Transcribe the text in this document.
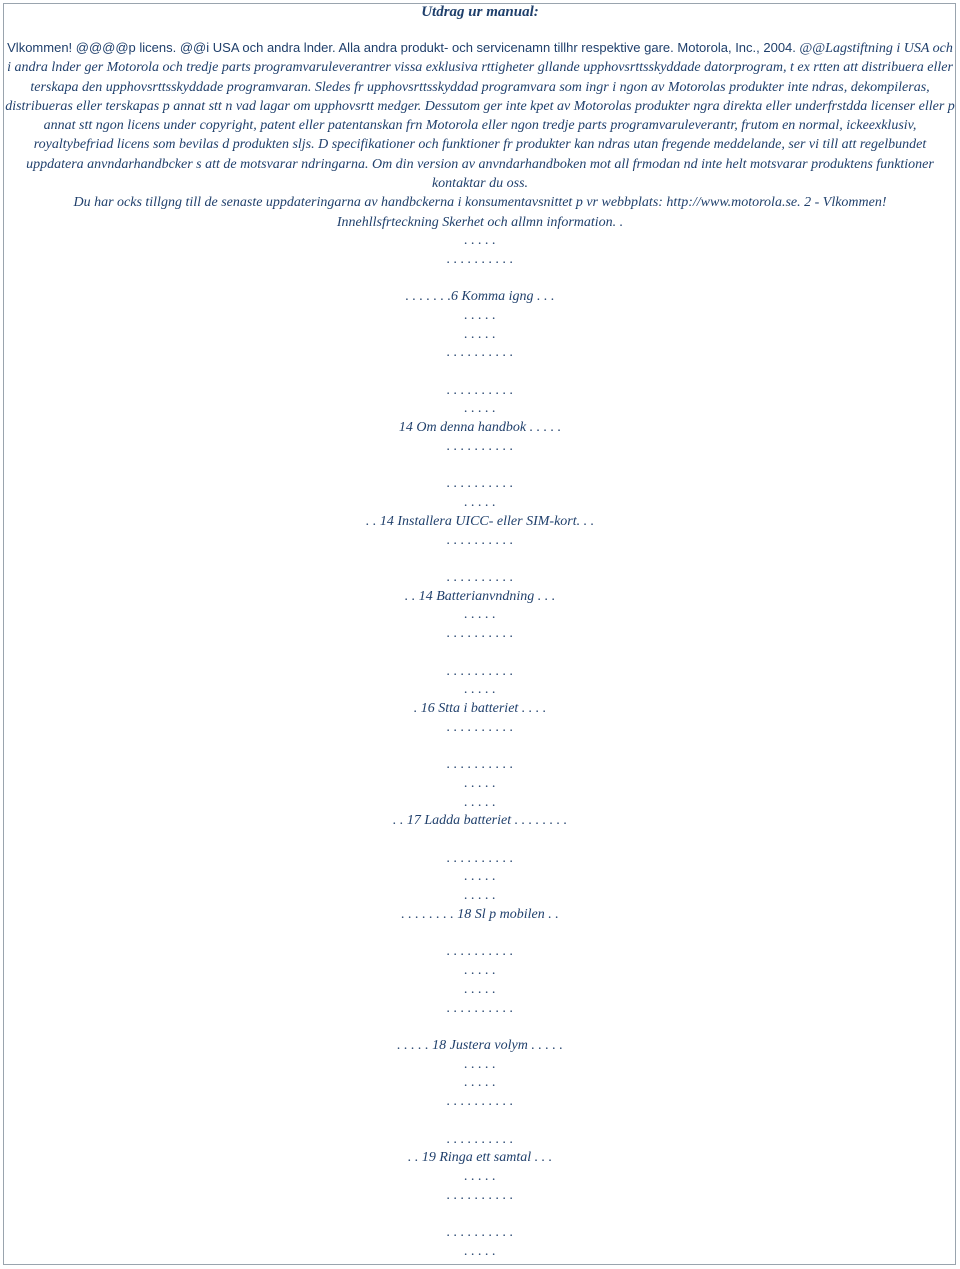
Utdrag ur manual:

Vlkommen! @@@@p licens. @@i USA och andra lnder. Alla andra produkt- och servicenamn tillhr respektive gare. Motorola, Inc., 2004. @@Lagstiftning i USA och i andra lnder ger Motorola och tredje parts programvaruleverantrer vissa exklusiva rttigheter gllande upphovsrttsskyddade datorprogram, t ex rtten att distribuera eller terskapa den upphovsrttsskyddade programvaran. Sledes fr upphovsrttsskyddad programvara som ingr i ngon av Motorolas produkter inte ndras, dekompileras, distribueras eller terskapas p annat stt n vad lagar om upphovsrtt medger. Dessutom ger inte kpet av Motorolas produkter ngra direkta eller underfrstdda licenser eller p annat stt ngon licens under copyright, patent eller patentanskan frn Motorola eller ngon tredje parts programvaruleverantr, frutom en normal, ickeexklusiv, royaltybefriad licens som bevilas d produkten sljs. D specifikationer och funktioner fr produkter kan ndras utan fregende meddelande, ser vi till att regelbundet uppdatera anvndarhandbcker s att de motsvarar ndringarna. Om din version av anvndarhandboken mot all frmodan nd inte helt motsvarar produktens funktioner kontaktar du oss.
Du har ocks tillgng till de senaste uppdateringarna av handbckerna i konsumentavsnittet p vr webbplats: http://www.motorola.se. 2 - Vlkommen!
Innehllsfrteckning Skerhet och allmn information. .

. . . . .
. . . . . . . . . .
. . . . . . .6 Komma igng . . .
. . . . .
. . . . .
. . . . . . . . . .
. . . . . . . . . .
. . . . .
14 Om denna handbok . . . . .
. . . . . . . . . .
. . . . . . . . . .
. . . . .
. . 14 Installera UICC- eller SIM-kort. . .
. . . . . . . . . .
. . . . . . . . . .
. . 14 Batterianvndning . . .
. . . . .
. . . . . . . . . .
. . . . . . . . . .
. . . . .
. 16 Stta i batteriet . . . .
. . . . . . . . . .
. . . . . . . . . .
. . . . .
. . . . .
. . 17 Ladda batteriet . . . . . . . .
. . . . . . . . . .
. . . . .
. . . . .
. . . . . . . . 18 Sl p mobilen . .
. . . . . . . . . .
. . . . .
. . . . .
. . . . . . . . . .
. . . . . 18 Justera volym . . . . .
. . . . .
. . . . .
. . . . . . . . . .
. . . . . . . . . .
. . 19 Ringa ett samtal . . .
. . . . .
. . . . . . . . . .
. . . . . . . . . .
. . . . .
